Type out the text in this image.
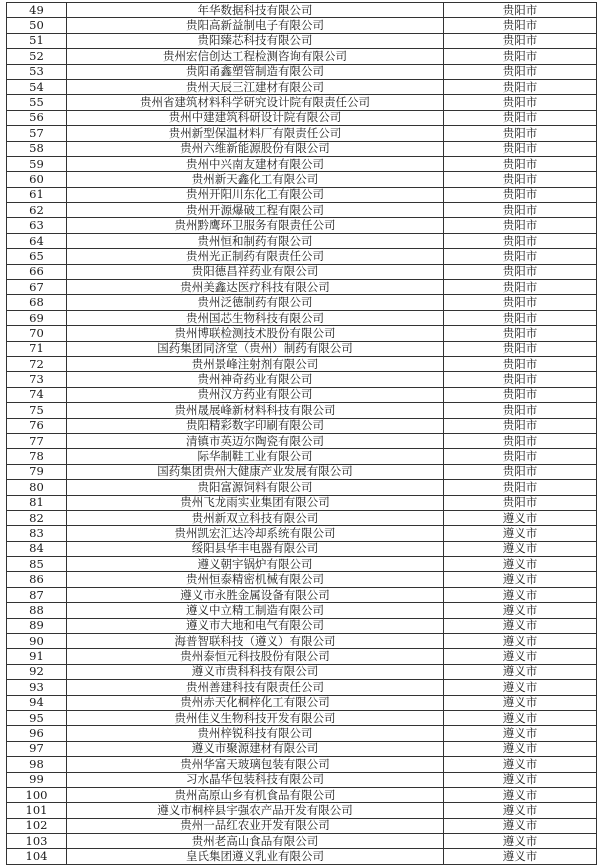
49	年华数据科技有限公司	贵阳市
50	贵阳高新益制电子有限公司	贵阳市
51	贵阳臻芯科技有限公司	贵阳市
52	贵州宏信创达工程检测咨询有限公司	贵阳市
53	贵阳甬鑫塑管制造有限公司	贵阳市
54	贵州天辰三江建材有限公司	贵阳市
55	贵州省建筑材料科学研究设计院有限责任公司	贵阳市
56	贵州中建建筑科研设计院有限公司	贵阳市
57	贵州新型保温材料厂有限责任公司	贵阳市
58	贵州六维新能源股份有限公司	贵阳市
59	贵州中兴南友建材有限公司	贵阳市
60	贵州新天鑫化工有限公司	贵阳市
61	贵州开阳川东化工有限公司	贵阳市
62	贵州开源爆破工程有限公司	贵阳市
63	贵州黔鹰环卫服务有限责任公司	贵阳市
64	贵州恒和制药有限公司	贵阳市
65	贵州光正制药有限责任公司	贵阳市
66	贵阳德昌祥药业有限公司	贵阳市
67	贵州美鑫达医疗科技有限公司	贵阳市
68	贵州泛德制药有限公司	贵阳市
69	贵州国芯生物科技有限公司	贵阳市
70	贵州博联检测技术股份有限公司	贵阳市
71	国药集团同济堂（贵州）制药有限公司	贵阳市
72	贵州景峰注射剂有限公司	贵阳市
73	贵州神奇药业有限公司	贵阳市
74	贵州汉方药业有限公司	贵阳市
75	贵州晟展峰新材料科技有限公司	贵阳市
76	贵阳精彩数字印刷有限公司	贵阳市
77	清镇市英迈尔陶瓷有限公司	贵阳市
78	际华制鞋工业有限公司	贵阳市
79	国药集团贵州大健康产业发展有限公司	贵阳市
80	贵阳富源饲料有限公司	贵阳市
81	贵州飞龙雨实业集团有限公司	贵阳市
82	贵州新双立科技有限公司	遵义市
83	贵州凯宏汇达冷却系统有限公司	遵义市
84	绥阳县华丰电器有限公司	遵义市
85	遵义朝宇锅炉有限公司	遵义市
86	贵州恒泰精密机械有限公司	遵义市
87	遵义市永胜金属设备有限公司	遵义市
88	遵义中立精工制造有限公司	遵义市
89	遵义市大地和电气有限公司	遵义市
90	海普智联科技（遵义）有限公司	遵义市
91	贵州泰恒元科技股份有限公司	遵义市
92	遵义市贵科科技有限公司	遵义市
93	贵州善建科技有限责任公司	遵义市
94	贵州赤天化桐梓化工有限公司	遵义市
95	贵州佳义生物科技开发有限公司	遵义市
96	贵州梓锐科技有限公司	遵义市
97	遵义市聚源建材有限公司	遵义市
98	贵州华富天玻璃包装有限公司	遵义市
99	习水晶华包装科技有限公司	遵义市
100	贵州高原山乡有机食品有限公司	遵义市
101	遵义市桐梓县宇强农产品开发有限公司	遵义市
102	贵州一品红农业开发有限公司	遵义市
103	贵州老高山食品有限公司	遵义市
104	皇氏集团遵义乳业有限公司	遵义市
